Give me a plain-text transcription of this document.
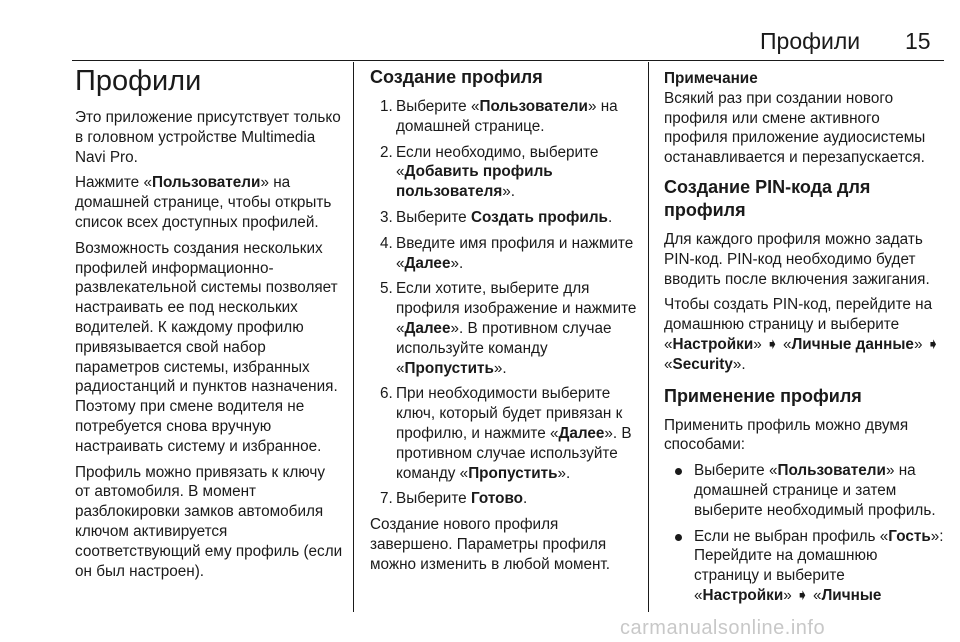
Профили 15
Профили

Это приложение присутствует только в головном устройстве Multimedia Navi Pro.

Нажмите «Пользователи» на домашней странице, чтобы открыть список всех доступных профилей.

Возможность создания нескольких профилей информационно-развлекательной системы позволяет настраивать ее под нескольких водителей. К каждому профилю привязывается свой набор параметров системы, избранных радиостанций и пунктов назначения. Поэтому при смене водителя не потребуется снова вручную настраивать систему и избранное.

Профиль можно привязать к ключу от автомобиля. В момент разблокировки замков автомобиля ключом активируется соответствующий ему профиль (если он был настроен).

Создание профиля
1. Выберите «Пользователи» на домашней странице.
2. Если необходимо, выберите «Добавить профиль пользователя».
3. Выберите Создать профиль.
4. Введите имя профиля и нажмите «Далее».
5. Если хотите, выберите для профиля изображение и нажмите «Далее». В противном случае используйте команду «Пропустить».
6. При необходимости выберите ключ, который будет привязан к профилю, и нажмите «Далее». В противном случае используйте команду «Пропустить».
7. Выберите Готово.

Создание нового профиля завершено. Параметры профиля можно изменить в любой момент.

Примечание

Всякий раз при создании нового профиля или смене активного профиля приложение аудиосистемы останавливается и перезапускается.

Создание PIN-кода для профиля

Для каждого профиля можно задать PIN-код. PIN-код необходимо будет вводить после включения зажигания.

Чтобы создать PIN-код, перейдите на домашнюю страницу и выберите «Настройки» ➧ «Личные данные» ➧ «Security».

Применение профиля

Применить профиль можно двумя способами:

Выберите «Пользователи» на домашней странице и затем выберите необходимый профиль.
Если не выбран профиль «Гость»: Перейдите на домашнюю страницу и выберите «Настройки» ➧ «Личные
carmanualsonline.info
